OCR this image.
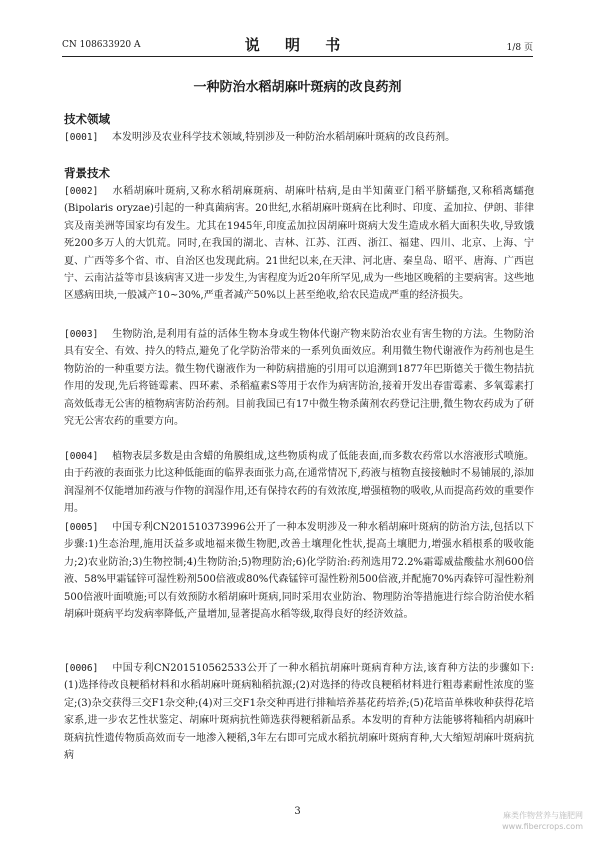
CN 108633920 A	说 明 书	1/8 页
一种防治水稻胡麻叶斑病的改良药剂
技术领域
[0001] 本发明涉及农业科学技术领域,特别涉及一种防治水稻胡麻叶斑病的改良药剂。
背景技术
[0002] 水稻胡麻叶斑病,又称水稻胡麻斑病、胡麻叶枯病,是由半知菌亚门稻平脐蠕孢,又称稻离蠕孢(Bipolaris oryzae)引起的一种真菌病害。20世纪,水稻胡麻叶斑病在比利时、印度、孟加拉、伊朗、菲律宾及南美洲等国家均有发生。尤其在1945年,印度孟加拉因胡麻叶斑病大发生造成水稻大面积失收,导致饿死200多万人的大饥荒。同时,在我国的湖北、吉林、江苏、江西、浙江、福建、四川、北京、上海、宁夏、广西等多个省、市、自治区也发现此病。21世纪以来,在天津、河北唐、秦皇岛、昭平、唐海、广西岜宁、云南沾益等市县该病害又进一步发生,为害程度为近20年所罕见,成为一些地区晚稻的主要病害。这些地区感病田块,一般减产10~30%,严重者减产50%以上甚至绝收,给农民造成严重的经济损失。
[0003] 生物防治,是利用有益的活体生物本身或生物体代谢产物来防治农业有害生物的方法。生物防治具有安全、有效、持久的特点,避免了化学防治带来的一系列负面效应。利用微生物代谢液作为药剂也是生物防治的一种重要方法。微生物代谢液作为一种防病措施的引用可以追溯到1877年巴斯德关于微生物拮抗作用的发现,先后将链霉素、四环素、杀稻瘟素S等用于农作为病害防治,接着开发出春雷霉素、多氧霉素打高效低毒无公害的植物病害防治药剂。目前我国已有17中微生物杀菌剂农药登记注册,微生物农药成为了研究无公害农药的重要方向。
[0004] 植物表层多数是由含蜡的角膜组成,这些物质构成了低能表面,而多数农药常以水溶液形式喷施。由于药液的表面张力比这种低能面的临界表面张力高,在通常情况下,药液与植物直接接触时不易铺展的,添加润湿剂不仅能增加药液与作物的润湿作用,还有保持农药的有效浓度,增强植物的吸收,从而提高药效的重要作用。
[0005] 中国专利CN201510373996公开了一种本发明涉及一种水稻胡麻叶斑病的防治方法,包括以下步骤:1)生态治理,施用沃益多或地福来微生物肥,改善土壤理化性状,提高土壤肥力,增强水稻根系的吸收能力;2)农业防治;3)生物控制;4)生物防治;5)物理防治;6)化学防治:药剂选用72.2%霜霉威盐酸盐水剂600倍液、58%甲霜锰锌可湿性粉剂500倍液或80%代森锰锌可湿性粉剂500倍液,并配施70%丙森锌可湿性粉剂500倍液叶面喷施;可以有效预防水稻胡麻叶斑病,同时采用农业防治、物理防治等措施进行综合防治使水稻胡麻叶斑病平均发病率降低,产量增加,显著提高水稻等级,取得良好的经济效益。
[0006] 中国专利CN201510562533公开了一种水稻抗胡麻叶斑病育种方法,该育种方法的步骤如下:(1)选择待改良粳稻材料和水稻胡麻叶斑病籼稻抗源;(2)对选择的待改良粳稻材料进行粗毒素耐性浓度的鉴定;(3)杂交获得三交F1杂交种;(4)对三交F1杂交种再进行排籼培养基花药培养;(5)花培苗单株收种获得花培家系,进一步农艺性状鉴定、胡麻叶斑病抗性筛选获得粳稻新品系。本发明的育种方法能够将籼稻内胡麻叶斑病抗性遗传物质高效而专一地渗入粳稻,3年左右即可完成水稻抗胡麻叶斑病育种,大大缩短胡麻叶斑病抗病
3	麻类作物营养与施肥网
www.fibercrops.com
